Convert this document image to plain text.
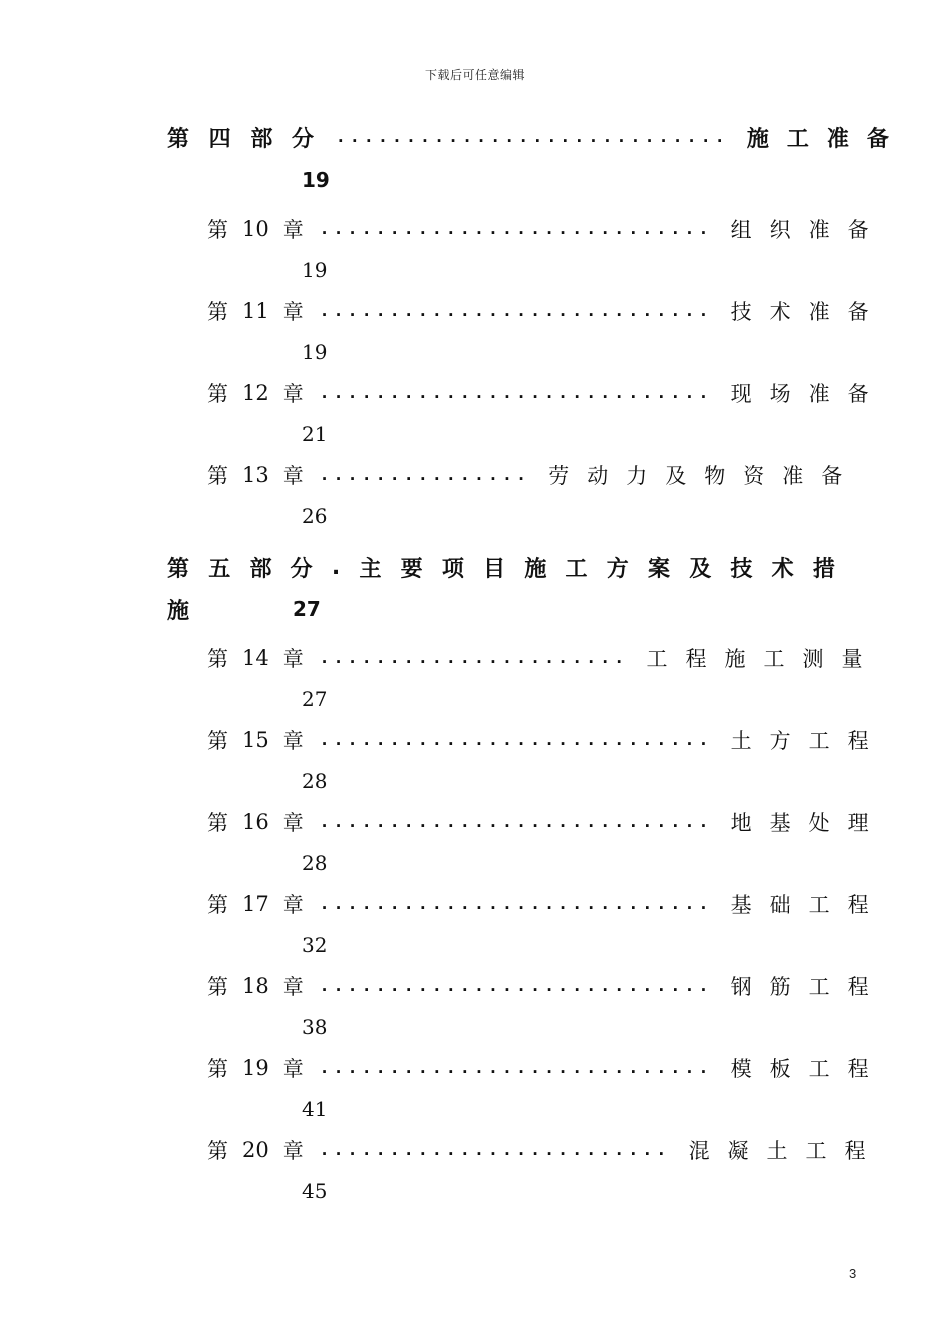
下载后可任意编辑
第 四 部 分 ............................ 施工准备
19
第 10 章 ............................ 组织准备
19
第 11 章 ............................ 技术准备
19
第 12 章 ............................ 现场准备
21
第 13 章 ............... 劳动力及物资准备
26
第 五 部 分 . 主 要 项 目 施 工 方 案 及 技 术 措
施	27
第 14 章 ...................... 工程施工测量
27
第 15 章 ............................ 土方工程
28
第 16 章 ............................ 地基处理
28
第 17 章 ............................ 基础工程
32
第 18 章 ............................ 钢筋工程
38
第 19 章 ............................ 模板工程
41
第 20 章 ......................... 混凝土工程
45
3
